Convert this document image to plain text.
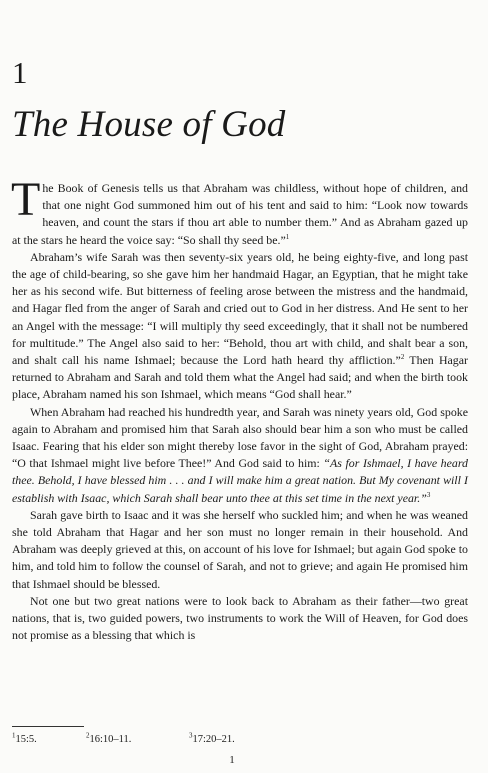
1
The House of God

The Book of Genesis tells us that Abraham was childless, without hope of children, and that one night God summoned him out of his tent and said to him: “Look now towards heaven, and count the stars if thou art able to number them.” And as Abraham gazed up at the stars he heard the voice say: “So shall thy seed be.”$^1$

Abraham’s wife Sarah was then seventy-six years old, he being eighty-five, and long past the age of child-bearing, so she gave him her handmaid Hagar, an Egyptian, that he might take her as his second wife. But bitterness of feeling arose between the mistress and the handmaid, and Hagar fled from the anger of Sarah and cried out to God in her distress. And He sent to her an Angel with the message: “I will multiply thy seed exceedingly, that it shall not be numbered for multitude.” The Angel also said to her: “Behold, thou art with child, and shalt bear a son, and shalt call his name Ishmael; because the Lord hath heard thy affliction.”$^2$ Then Hagar returned to Abraham and Sarah and told them what the Angel had said; and when the birth took place, Abraham named his son Ishmael, which means “God shall hear.”

When Abraham had reached his hundredth year, and Sarah was ninety years old, God spoke again to Abraham and promised him that Sarah also should bear him a son who must be called Isaac. Fearing that his elder son might thereby lose favor in the sight of God, Abraham prayed: “O that Ishmael might live before Thee!” And God said to him: “As for Ishmael, I have heard thee. Behold, I have blessed him . . . and I will make him a great nation. But My covenant will I establish with Isaac, which Sarah shall bear unto thee at this set time in the next year.”$^3$

Sarah gave birth to Isaac and it was she herself who suckled him; and when he was weaned she told Abraham that Hagar and her son must no longer remain in their household. And Abraham was deeply grieved at this, on account of his love for Ishmael; but again God spoke to him, and told him to follow the counsel of Sarah, and not to grieve; and again He promised him that Ishmael should be blessed.

Not one but two great nations were to look back to Abraham as their father—two great nations, that is, two guided powers, two instruments to work the Will of Heaven, for God does not promise as a blessing that which is

$^1$15:5.	$^2$16:10–11.	$^3$17:20–21.
1
